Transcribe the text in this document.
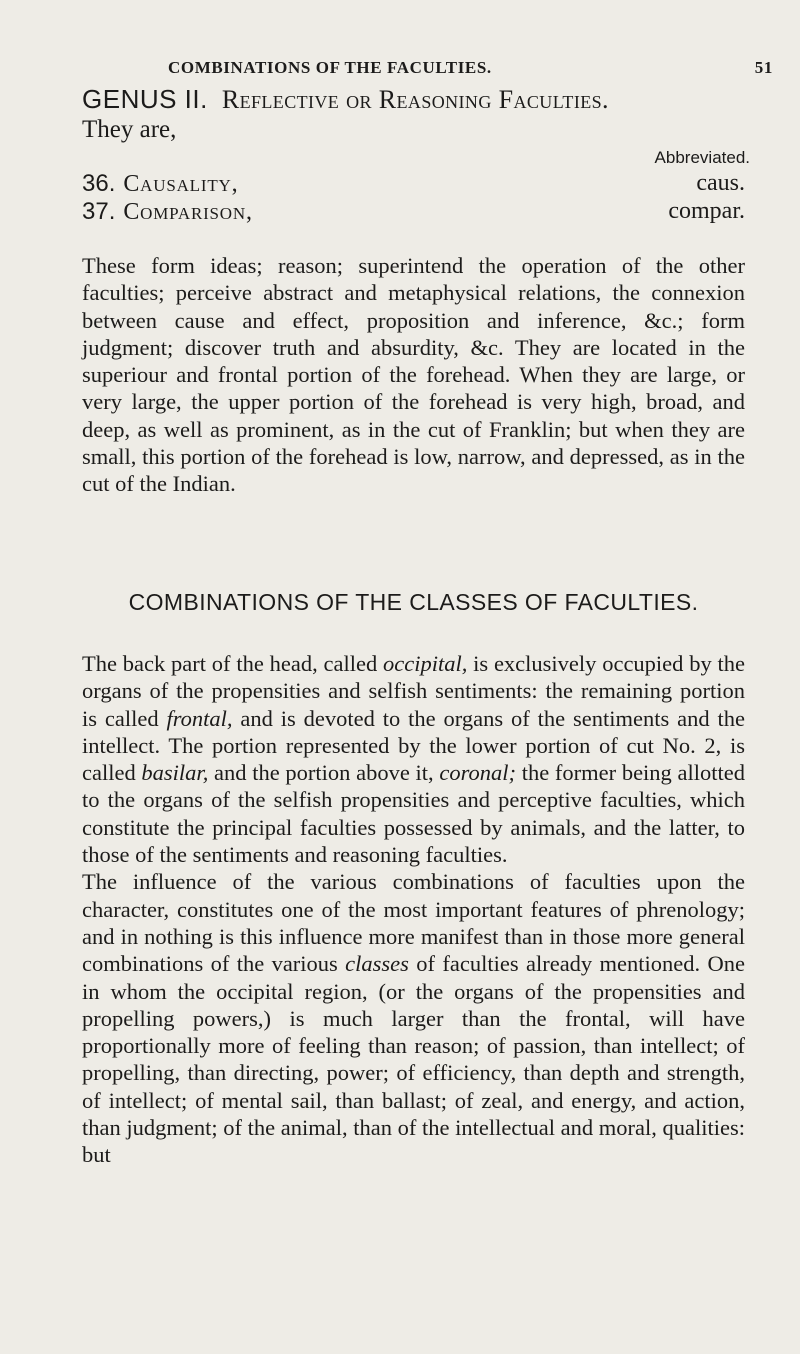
COMBINATIONS OF THE FACULTIES.	51
GENUS II. Reflective or Reasoning Faculties.
They are,
Abbreviated.
36. Causality,	caus.
37. Comparison,	compar.

These form ideas; reason; superintend the operation of the other faculties; perceive abstract and metaphysical relations, the connexion between cause and effect, proposition and inference, &c.; form judgment; discover truth and absurdity, &c. They are located in the superiour and frontal portion of the forehead. When they are large, or very large, the upper portion of the forehead is very high, broad, and deep, as well as prominent, as in the cut of Franklin; but when they are small, this portion of the forehead is low, narrow, and depressed, as in the cut of the Indian.

COMBINATIONS OF THE CLASSES OF FACULTIES.

The back part of the head, called occipital, is exclusively occupied by the organs of the propensities and selfish sentiments: the remaining portion is called frontal, and is devoted to the organs of the sentiments and the intellect. The portion represented by the lower portion of cut No. 2, is called basilar, and the portion above it, coronal; the former being allotted to the organs of the selfish propensities and perceptive faculties, which constitute the principal faculties possessed by animals, and the latter, to those of the sentiments and reasoning faculties.

The influence of the various combinations of faculties upon the character, constitutes one of the most important features of phrenology; and in nothing is this influence more manifest than in those more general combinations of the various classes of faculties already mentioned. One in whom the occipital region, (or the organs of the propensities and propelling powers,) is much larger than the frontal, will have proportionally more of feeling than reason; of passion, than intellect; of propelling, than directing, power; of efficiency, than depth and strength, of intellect; of mental sail, than ballast; of zeal, and energy, and action, than judgment; of the animal, than of the intellectual and moral, qualities: but
